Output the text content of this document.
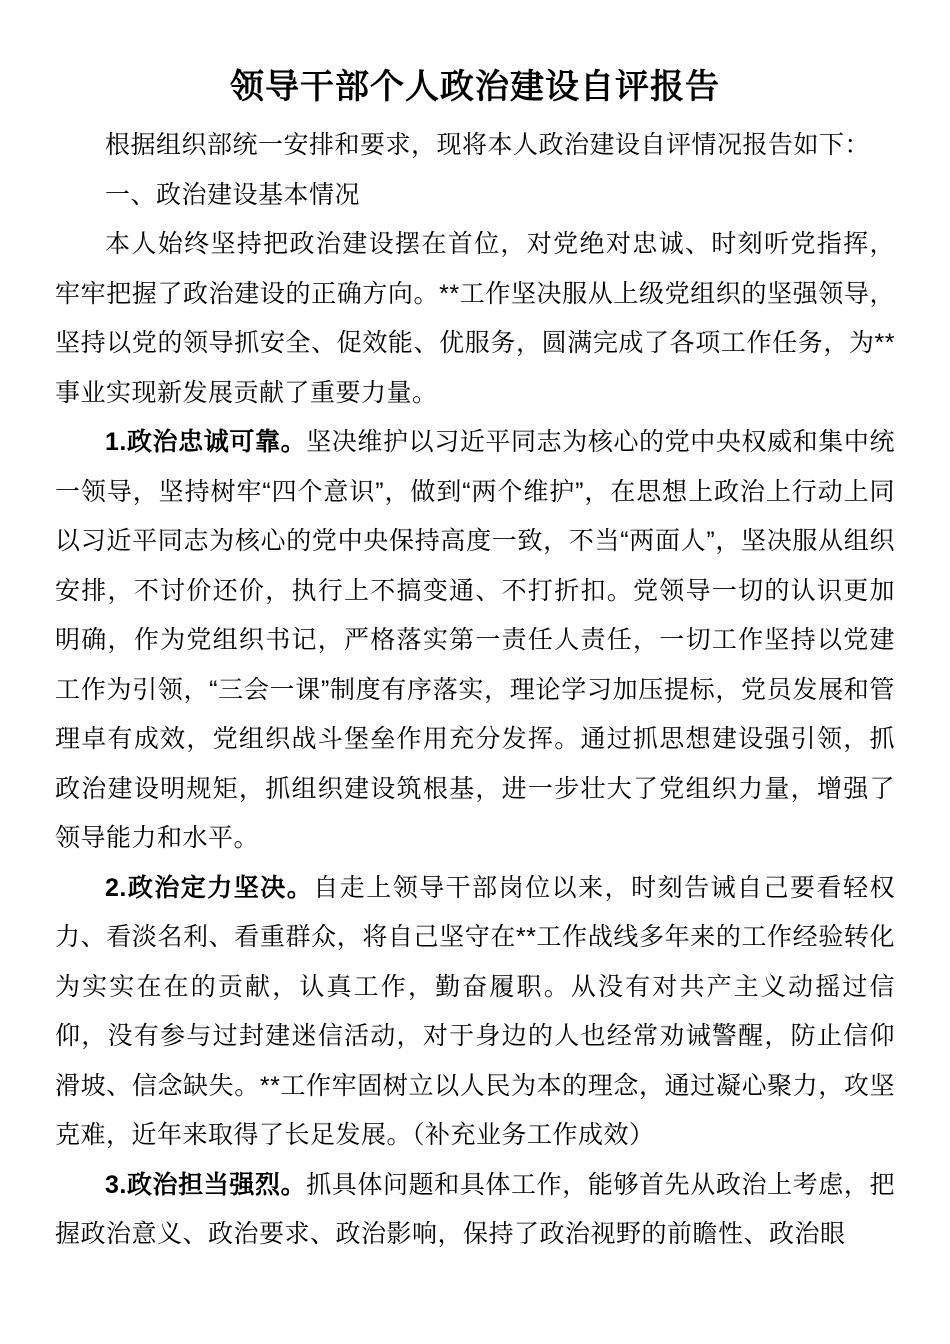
领导干部个人政治建设自评报告

根据组织部统一安排和要求，现将本人政治建设自评情况报告如下：

一、政治建设基本情况

本人始终坚持把政治建设摆在首位，对党绝对忠诚、时刻听党指挥，牢牢把握了政治建设的正确方向。**工作坚决服从上级党组织的坚强领导，坚持以党的领导抓安全、促效能、优服务，圆满完成了各项工作任务，为**事业实现新发展贡献了重要力量。

1.政治忠诚可靠。坚决维护以习近平同志为核心的党中央权威和集中统一领导，坚持树牢“四个意识”，做到“两个维护”，在思想上政治上行动上同以习近平同志为核心的党中央保持高度一致，不当“两面人”，坚决服从组织安排，不讨价还价，执行上不搞变通、不打折扣。党领导一切的认识更加明确，作为党组织书记，严格落实第一责任人责任，一切工作坚持以党建工作为引领，“三会一课”制度有序落实，理论学习加压提标，党员发展和管理卓有成效，党组织战斗堡垒作用充分发挥。通过抓思想建设强引领，抓政治建设明规矩，抓组织建设筑根基，进一步壮大了党组织力量，增强了领导能力和水平。

2.政治定力坚决。自走上领导干部岗位以来，时刻告诫自己要看轻权力、看淡名利、看重群众，将自己坚守在**工作战线多年来的工作经验转化为实实在在的贡献，认真工作，勤奋履职。从没有对共产主义动摇过信仰，没有参与过封建迷信活动，对于身边的人也经常劝诫警醒，防止信仰滑坡、信念缺失。**工作牢固树立以人民为本的理念，通过凝心聚力，攻坚克难，近年来取得了长足发展。（补充业务工作成效）

3.政治担当强烈。抓具体问题和具体工作，能够首先从政治上考虑，把握政治意义、政治要求、政治影响，保持了政治视野的前瞻性、政治眼
